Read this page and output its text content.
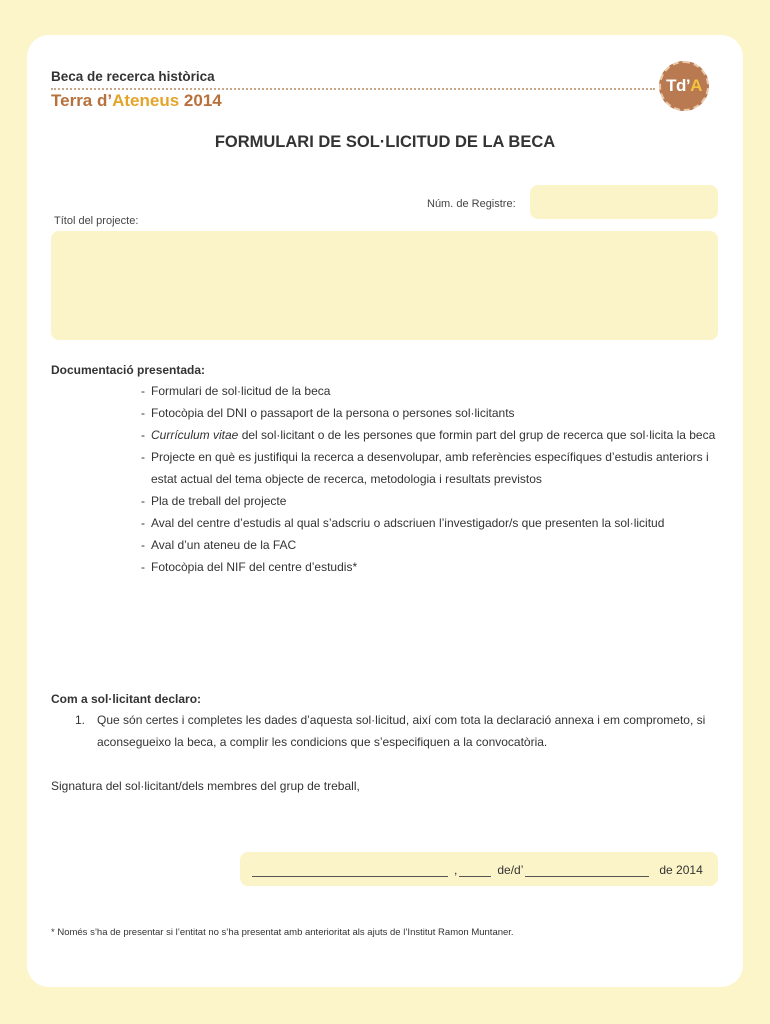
Beca de recerca històrica
Terra d’Ateneus 2014
Td’ A
FORMULARI DE SOL·LICITUD DE LA BECA
Núm. de Registre:
Títol del projecte:
Documentació presentada:
- Formulari de sol·licitud de la beca
- Fotocòpia del DNI o passaport de la persona o persones sol·licitants
- Currículum vitae del sol·licitant o de les persones que formin part del grup de recerca que sol·licita la beca
- Projecte en què es justifiqui la recerca a desenvolupar, amb referències específiques d’estudis anteriors i estat actual del tema objecte de recerca, metodologia i resultats previstos
- Pla de treball del projecte
- Aval del centre d’estudis al qual s’adscriu o adscriuen l’investigador/s que presenten la sol·licitud
- Aval d’un ateneu de la FAC
- Fotocòpia del NIF del centre d’estudis*
Com a sol·licitant declaro:
1. Que són certes i completes les dades d’aquesta sol·licitud, així com tota la declaració annexa i em comprometo, si aconsegueixo la beca, a complir les condicions que s’especifiquen a la convocatòria.
Signatura del sol·licitant/dels membres del grup de treball,
,	de/d’	de 2014
* Només s’ha de presentar si l’entitat no s’ha presentat amb anterioritat als ajuts de l’Institut Ramon Muntaner.
